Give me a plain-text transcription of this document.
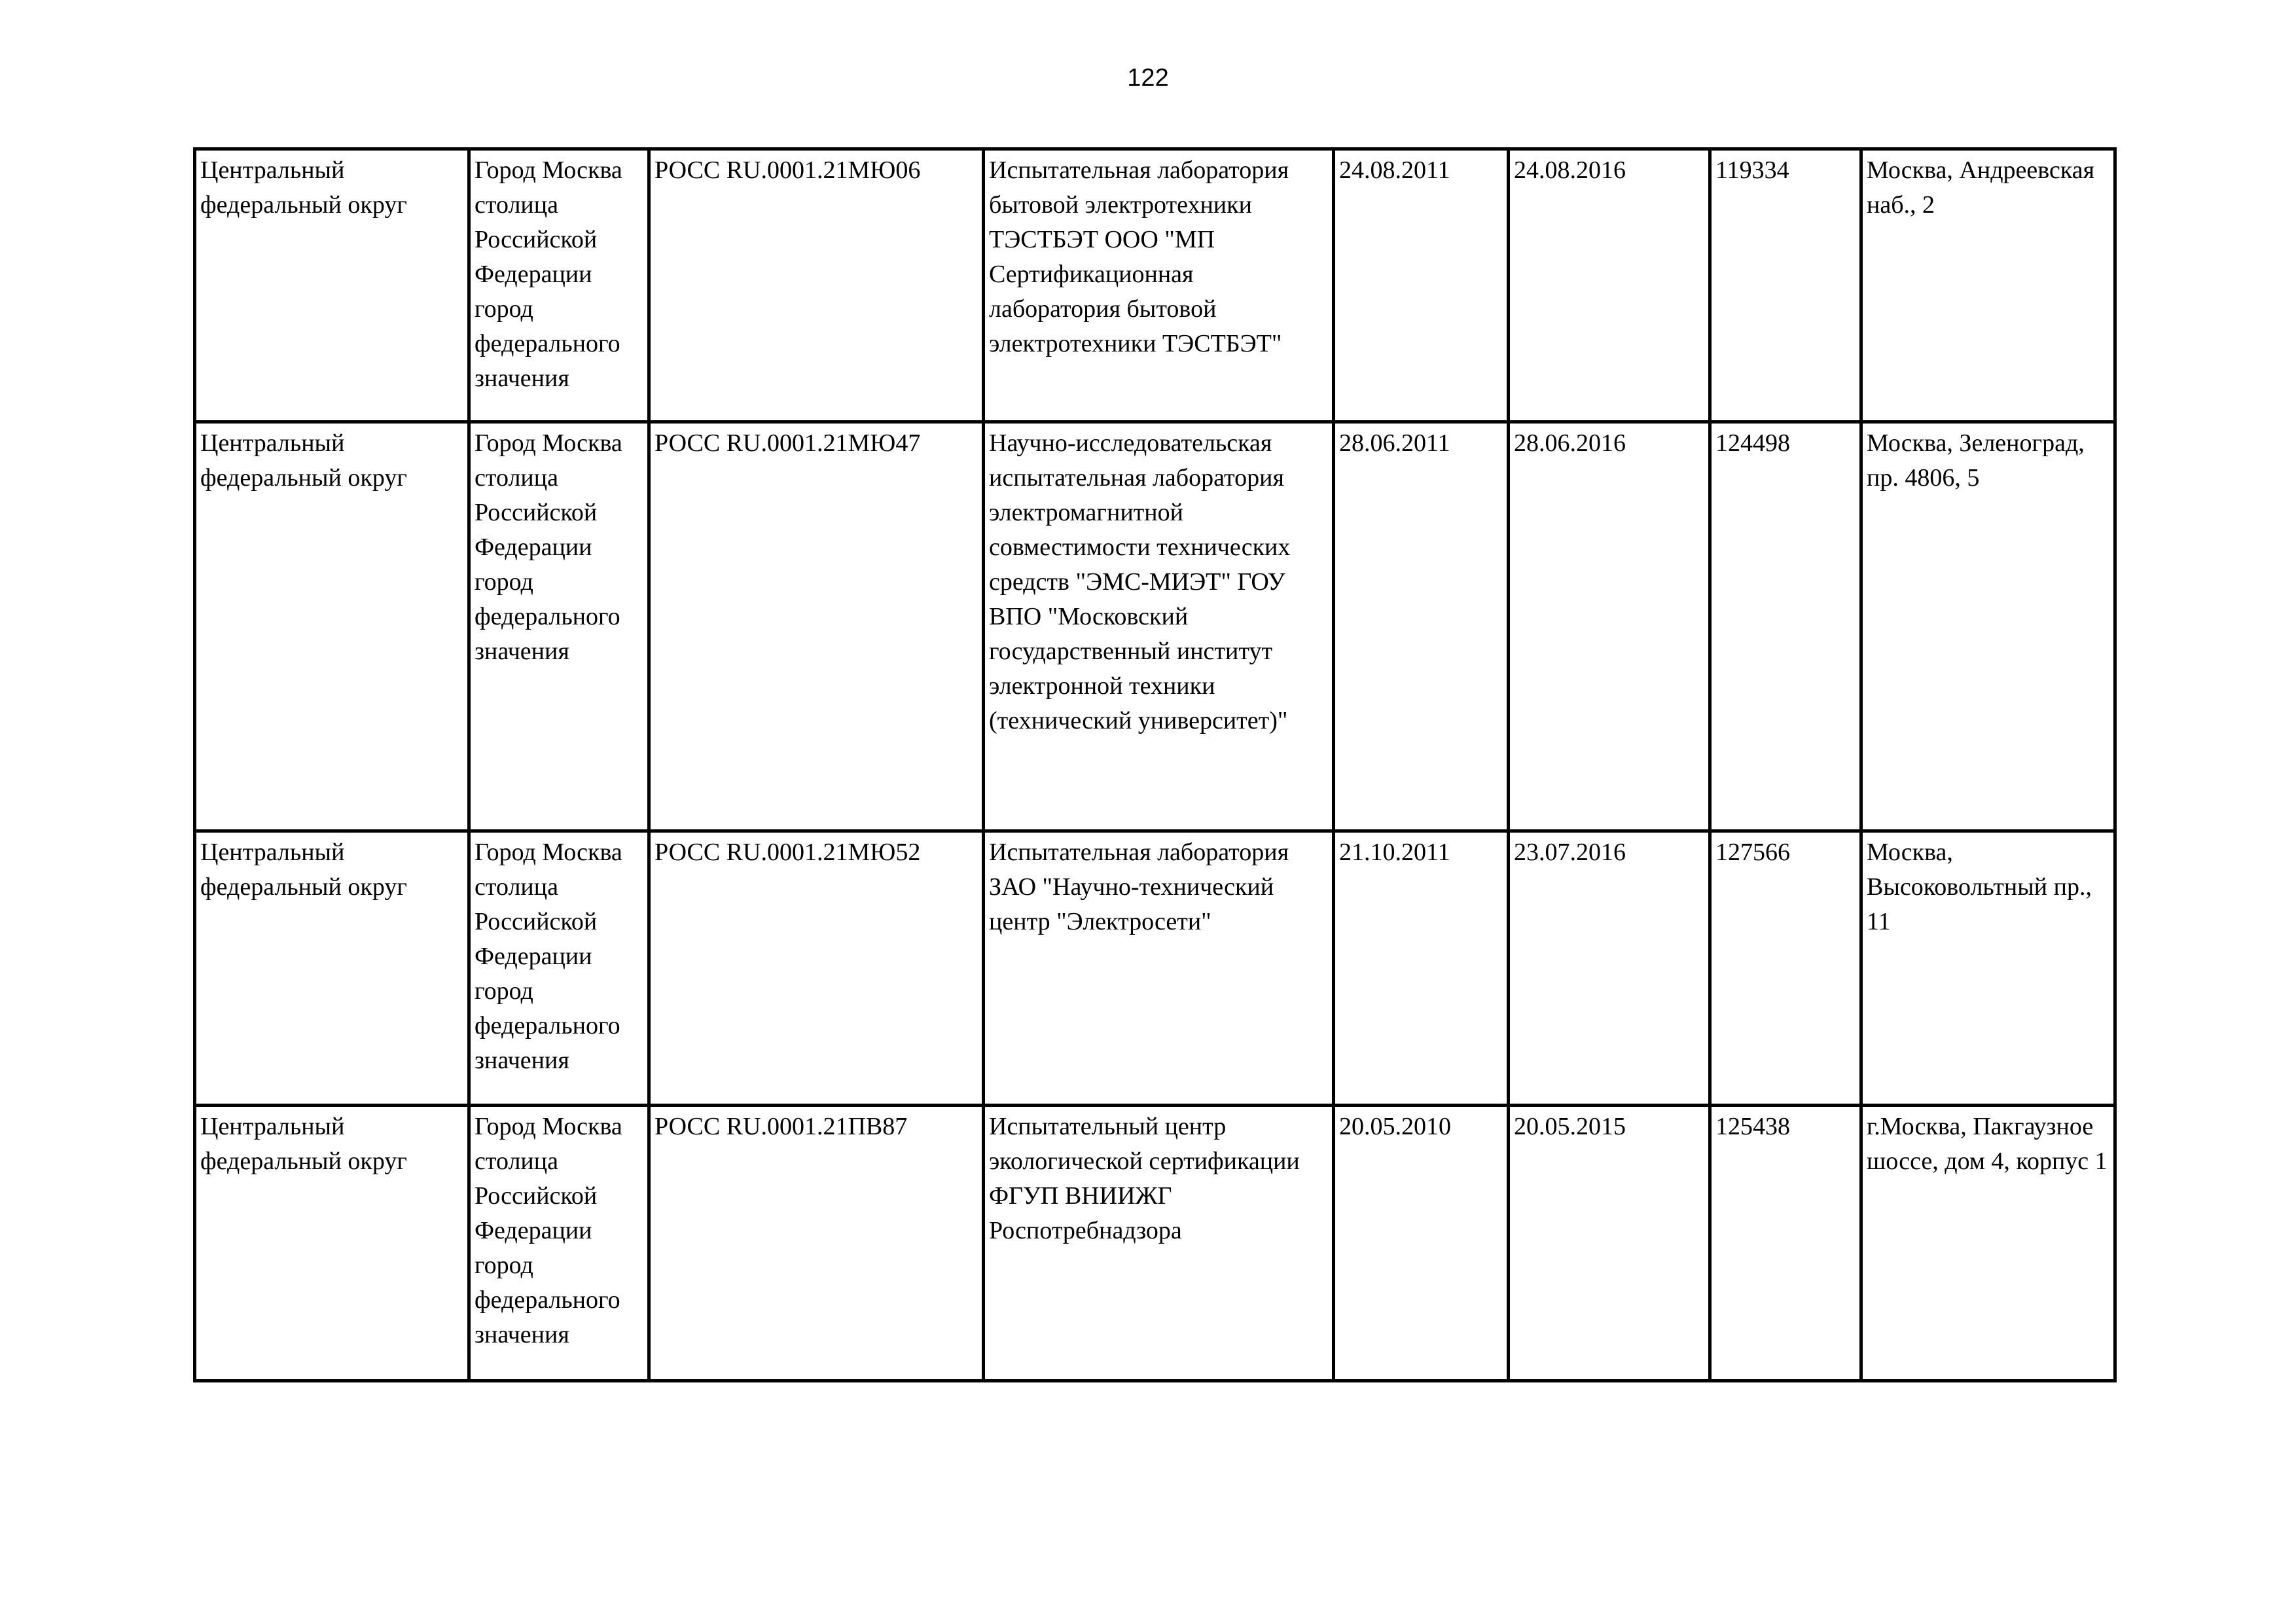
122
Центральный федеральный округ	Город Москва столица Российской Федерации город федерального значения	РОСС RU.0001.21МЮ06	Испытательная лаборатория бытовой электротехники ТЭСТБЭТ ООО "МП Сертификационная лаборатория бытовой электротехники ТЭСТБЭТ"	24.08.2011	24.08.2016	119334	Москва, Андреевская наб., 2

Центральный федеральный округ	Город Москва столица Российской Федерации город федерального значения	РОСС RU.0001.21МЮ47	Научно-исследовательская испытательная лаборатория электромагнитной совместимости технических средств "ЭМС-МИЭТ" ГОУ ВПО "Московский государственный институт электронной техники (технический университет)"	28.06.2011	28.06.2016	124498	Москва, Зеленоград, пр. 4806, 5

Центральный федеральный округ	Город Москва столица Российской Федерации город федерального значения	РОСС RU.0001.21МЮ52	Испытательная лаборатория ЗАО "Научно-технический центр "Электросети"	21.10.2011	23.07.2016	127566	Москва, Высоковольтный пр., 11

Центральный федеральный округ	Город Москва столица Российской Федерации город федерального значения	РОСС RU.0001.21ПВ87	Испытательный центр экологической сертификации ФГУП ВНИИЖГ Роспотребнадзора	20.05.2010	20.05.2015	125438	г.Москва, Пакгаузное шоссе, дом 4, корпус 1
